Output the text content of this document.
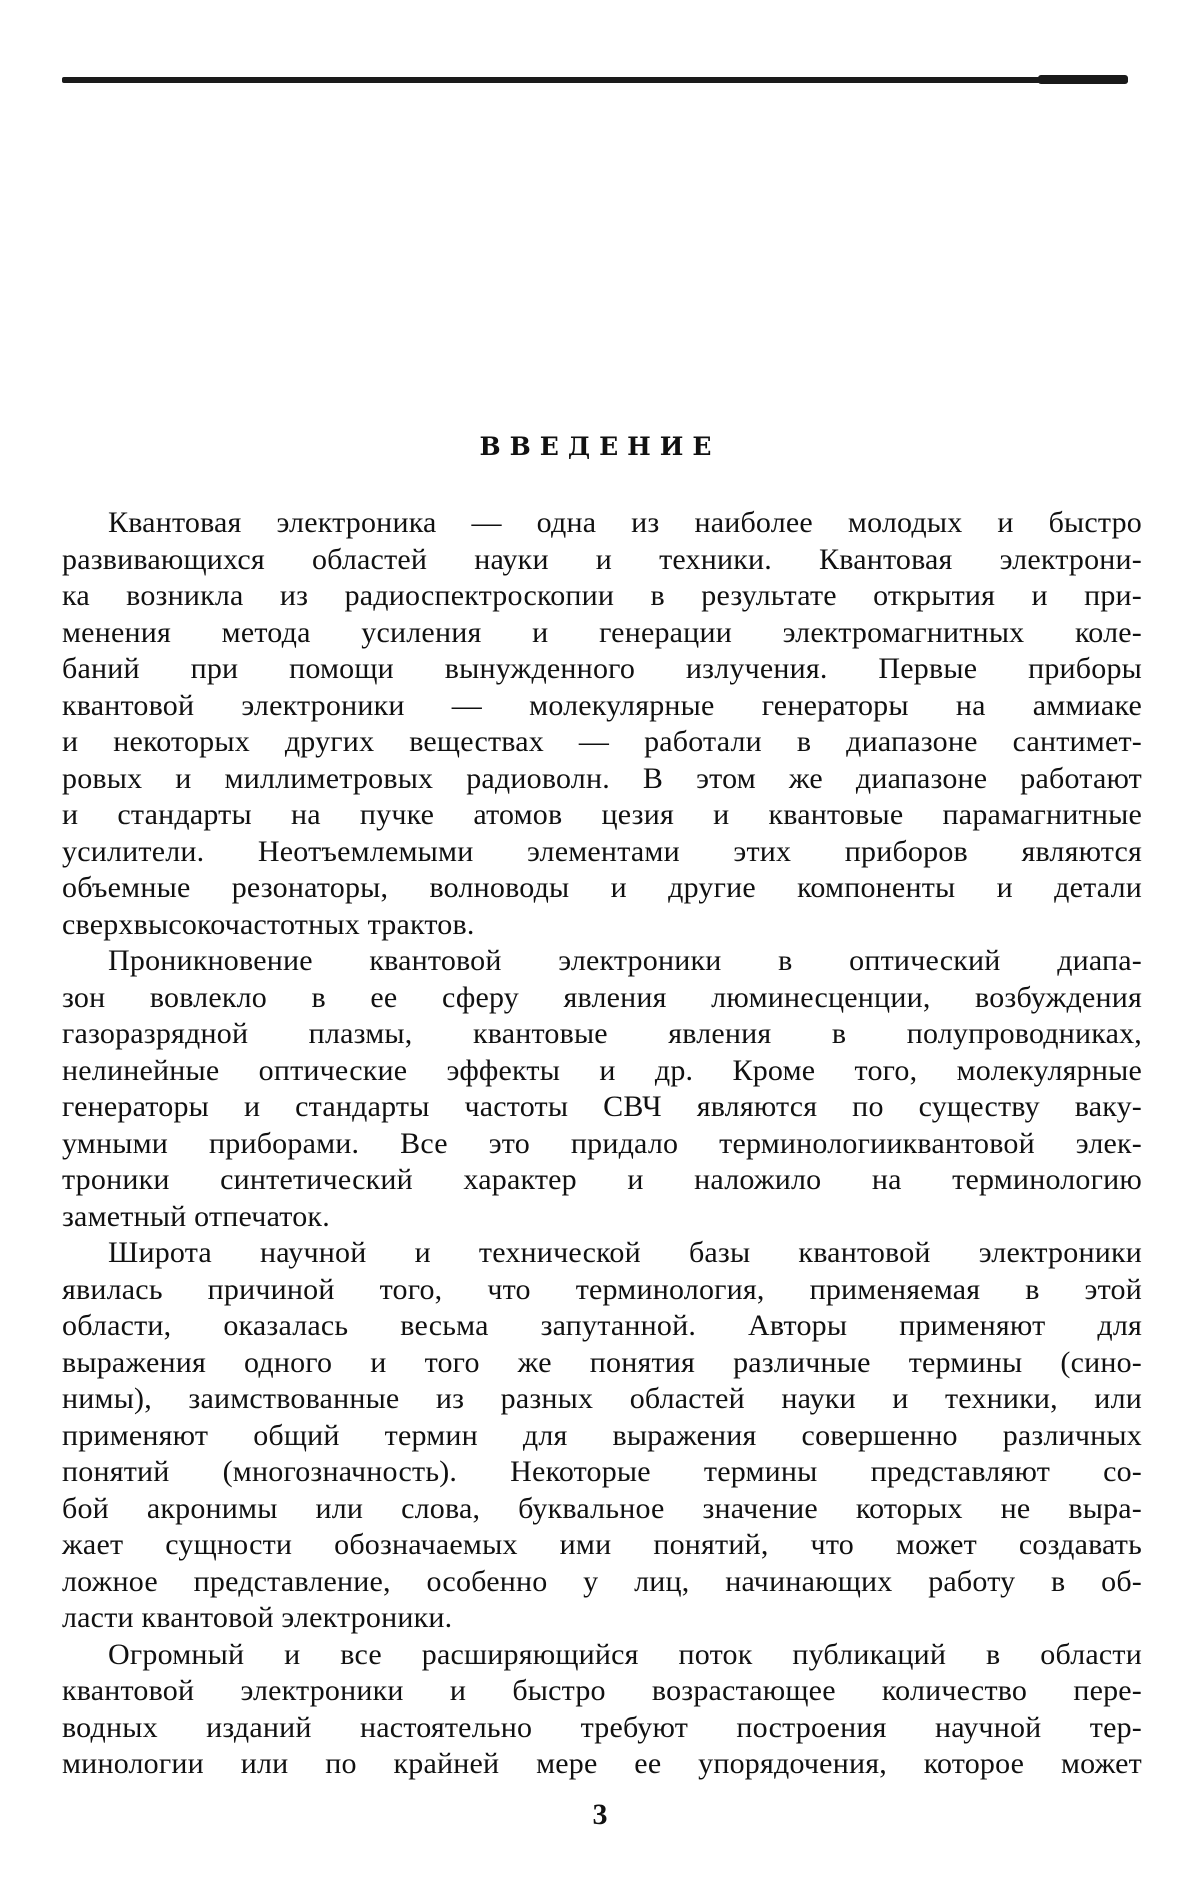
ВВЕДЕНИЕ

Квантовая электроника — одна из наиболее молодых и быстро
развивающихся областей науки и техники. Квантовая электрони-
ка возникла из радиоспектроскопии в результате открытия и при-
менения метода усиления и генерации электромагнитных коле-
баний при помощи вынужденного излучения. Первые приборы
квантовой электроники — молекулярные генераторы на аммиаке
и некоторых других веществах — работали в диапазоне сантимет-
ровых и миллиметровых радиоволн. В этом же диапазоне работают
и стандарты на пучке атомов цезия и квантовые парамагнитные
усилители. Неотъемлемыми элементами этих приборов являются
объемные резонаторы, волноводы и другие компоненты и детали
сверхвысокочастотных трактов.

Проникновение квантовой электроники в оптический диапа-
зон вовлекло в ее сферу явления люминесценции, возбуждения
газоразрядной плазмы, квантовые явления в полупроводниках,
нелинейные оптические эффекты и др. Кроме того, молекулярные
генераторы и стандарты частоты СВЧ являются по существу ваку-
умными приборами. Все это придало терминологииквантовой элек-
троники синтетический характер и наложило на терминологию
заметный отпечаток.

Широта научной и технической базы квантовой электроники
явилась причиной того, что терминология, применяемая в этой
области, оказалась весьма запутанной. Авторы применяют для
выражения одного и того же понятия различные термины (сино-
нимы), заимствованные из разных областей науки и техники, или
применяют общий термин для выражения совершенно различных
понятий (многозначность). Некоторые термины представляют со-
бой акронимы или слова, буквальное значение которых не выра-
жает сущности обозначаемых ими понятий, что может создавать
ложное представление, особенно у лиц, начинающих работу в об-
ласти квантовой электроники.

Огромный и все расширяющийся поток публикаций в области
квантовой электроники и быстро возрастающее количество пере-
водных изданий настоятельно требуют построения научной тер-
минологии или по крайней мере ее упорядочения, которое может

3
